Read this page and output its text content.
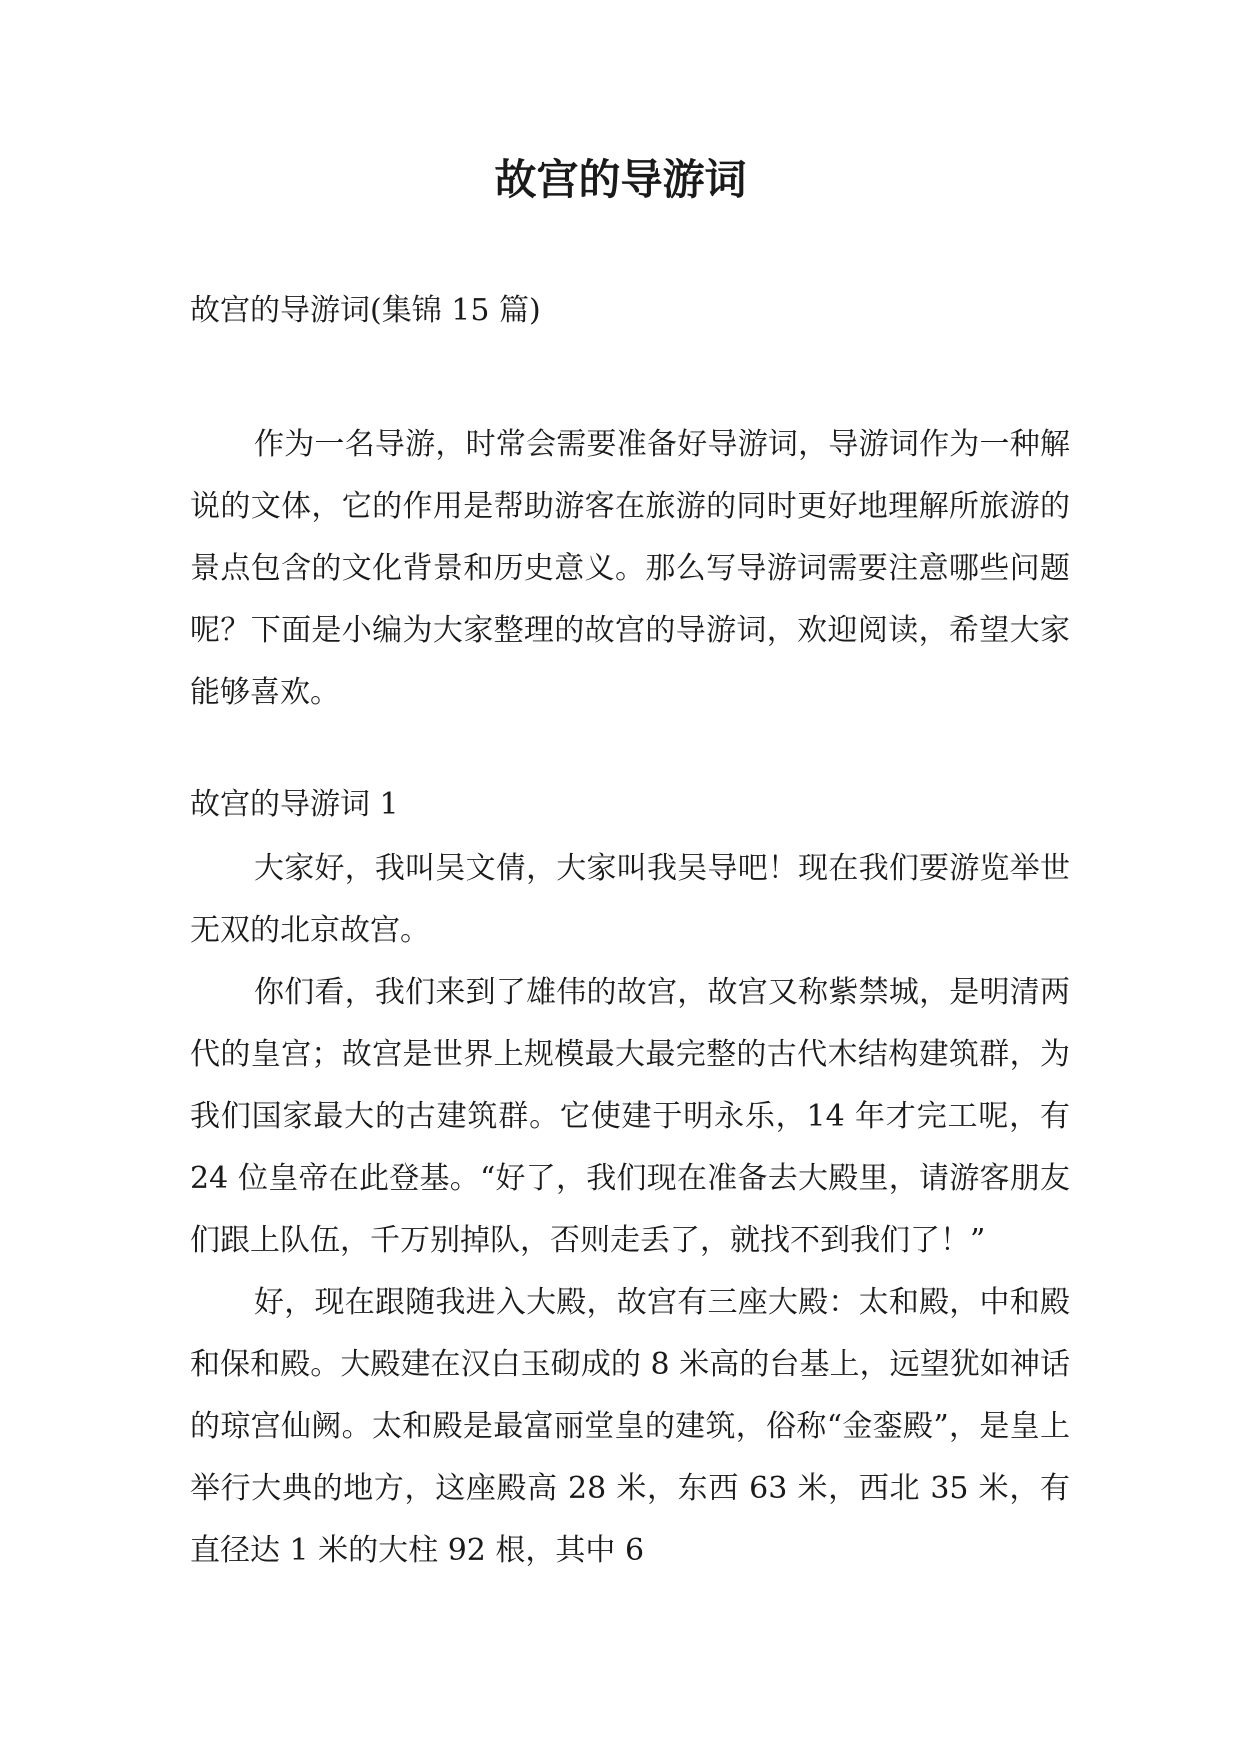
故宫的导游词

故宫的导游词(集锦 15 篇)

作为一名导游，时常会需要准备好导游词，导游词作为一种解说的文体，它的作用是帮助游客在旅游的同时更好地理解所旅游的景点包含的文化背景和历史意义。那么写导游词需要注意哪些问题呢？下面是小编为大家整理的故宫的导游词，欢迎阅读，希望大家能够喜欢。

故宫的导游词 1

大家好，我叫吴文倩，大家叫我吴导吧！现在我们要游览举世无双的北京故宫。

你们看，我们来到了雄伟的故宫，故宫又称紫禁城，是明清两代的皇宫；故宫是世界上规模最大最完整的古代木结构建筑群，为我们国家最大的古建筑群。它使建于明永乐，14 年才完工呢，有 24 位皇帝在此登基。“好了，我们现在准备去大殿里，请游客朋友们跟上队伍，千万别掉队，否则走丢了，就找不到我们了！”

好，现在跟随我进入大殿，故宫有三座大殿：太和殿，中和殿和保和殿。大殿建在汉白玉砌成的 8 米高的台基上，远望犹如神话的琼宫仙阙。太和殿是最富丽堂皇的建筑，俗称“金銮殿”，是皇上举行大典的地方，这座殿高 28 米，东西 63 米，西北 35 米，有直径达 1 米的大柱 92 根，其中 6
